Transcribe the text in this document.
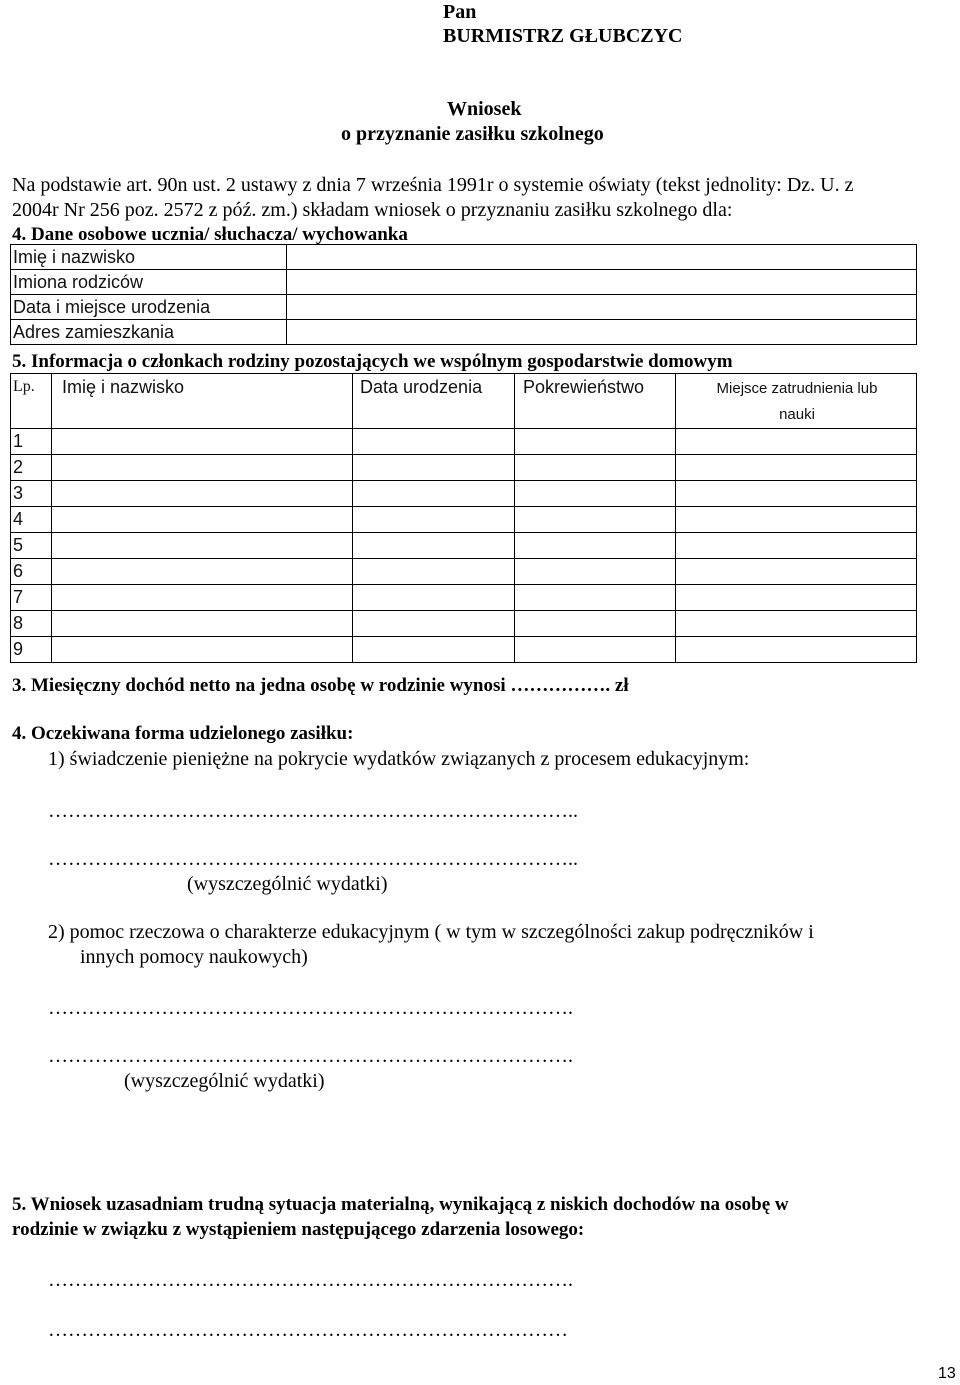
Pan
BURMISTRZ GŁUBCZYC
Wniosek
o przyznanie zasiłku szkolnego
Na podstawie art. 90n ust. 2 ustawy z dnia 7 września 1991r o systemie oświaty (tekst jednolity: Dz. U. z
2004r Nr 256 poz. 2572 z póź. zm.) składam wniosek o przyznaniu zasiłku szkolnego dla:
4. Dane osobowe ucznia/ słuchacza/ wychowanka
Imię i nazwisko	
Imiona rodziców	
Data i miejsce urodzenia	
Adres zamieszkania	
5. Informacja o członkach rodziny pozostających we wspólnym gospodarstwie domowym
Lp.	Imię i nazwisko	Data urodzenia	Pokrewieństwo	Miejsce zatrudnienia lub
nauki

1				
2				
3				
4				
5				
6				
7				
8				
9				
3. Miesięczny dochód netto na jedna osobę w rodzinie wynosi ……………. zł
4. Oczekiwana forma udzielonego zasiłku:
1) świadczenie pieniężne na pokrycie wydatków związanych z procesem edukacyjnym:
……………………………………………………………………..
……………………………………………………………………..
(wyszczególnić wydatki)
2) pomoc rzeczowa o charakterze edukacyjnym ( w tym w szczególności zakup podręczników i
innych pomocy naukowych)
…………………………………………………………………….
…………………………………………………………………….
(wyszczególnić wydatki)
5. Wniosek uzasadniam trudną sytuacja materialną, wynikającą z niskich dochodów na osobę w
rodzinie w związku z wystąpieniem następującego zdarzenia losowego:
…………………………………………………………………….
……………………………………………………………………
13
